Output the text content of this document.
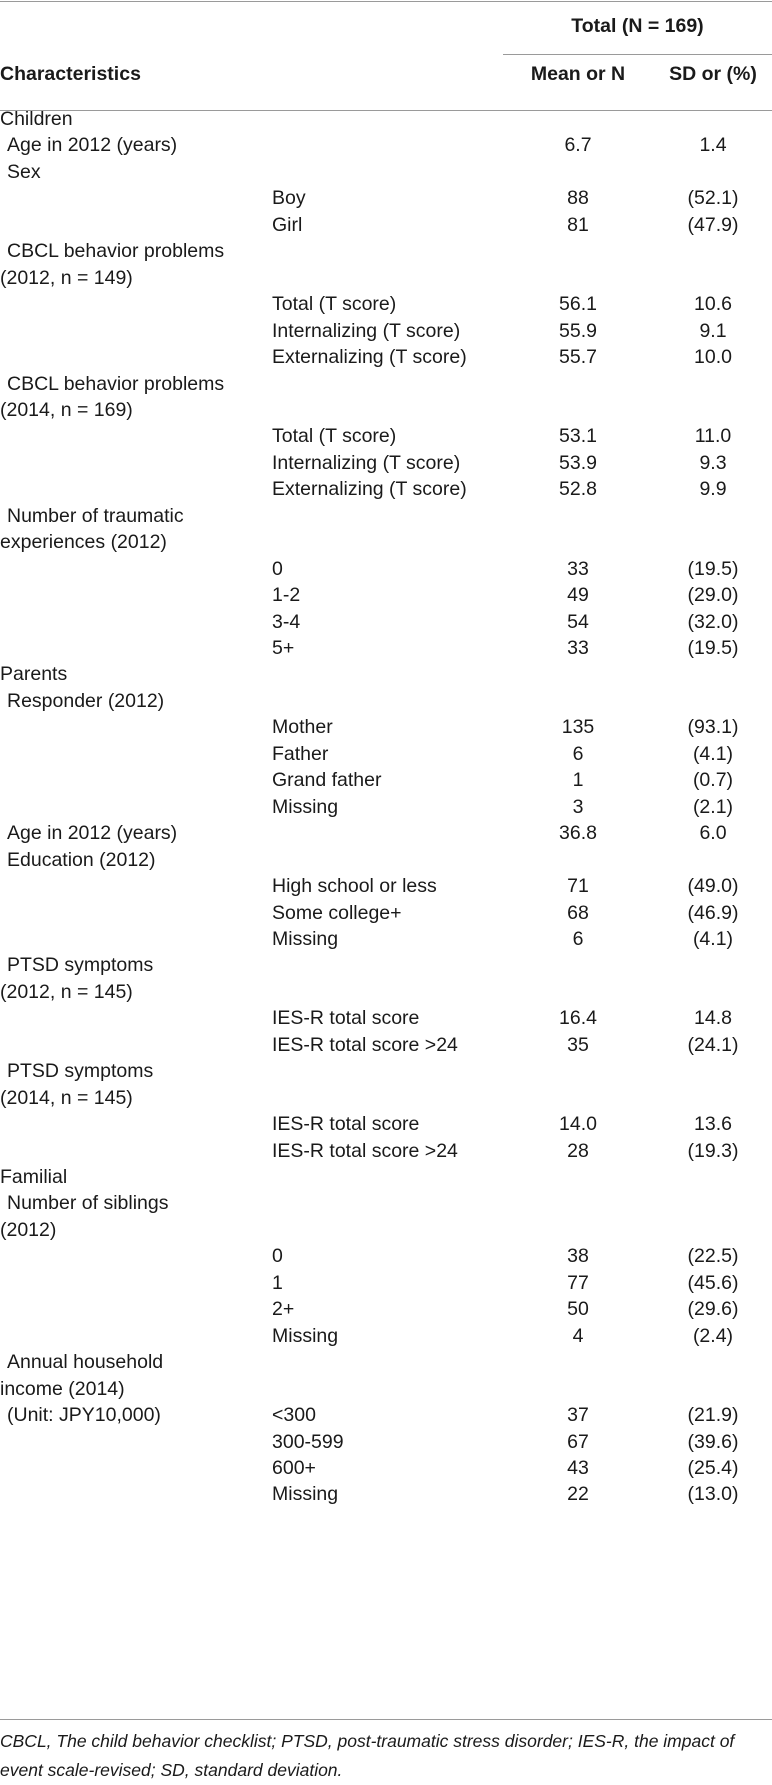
Total (N = 169)
Characteristics	Mean or N	SD or (%)
Children
Age in 2012 (years)	6.7	1.4
Sex
Boy	88	(52.1)
Girl	81	(47.9)
CBCL behavior problems
(2012, n = 149)
Total (T score)	56.1	10.6
Internalizing (T score)	55.9	9.1
Externalizing (T score)	55.7	10.0
CBCL behavior problems
(2014, n = 169)
Total (T score)	53.1	11.0
Internalizing (T score)	53.9	9.3
Externalizing (T score)	52.8	9.9
Number of traumatic
experiences (2012)
0	33	(19.5)
1-2	49	(29.0)
3-4	54	(32.0)
5+	33	(19.5)
Parents
Responder (2012)
Mother	135	(93.1)
Father	6	(4.1)
Grand father	1	(0.7)
Missing	3	(2.1)
Age in 2012 (years)	36.8	6.0
Education (2012)
High school or less	71	(49.0)
Some college+	68	(46.9)
Missing	6	(4.1)
PTSD symptoms
(2012, n = 145)
IES-R total score	16.4	14.8
IES-R total score >24	35	(24.1)
PTSD symptoms
(2014, n = 145)
IES-R total score	14.0	13.6
IES-R total score >24	28	(19.3)
Familial
Number of siblings
(2012)
0	38	(22.5)
1	77	(45.6)
2+	50	(29.6)
Missing	4	(2.4)
Annual household
income (2014)
(Unit: JPY10,000)	<300	37	(21.9)
300-599	67	(39.6)
600+	43	(25.4)
Missing	22	(13.0)
CBCL, The child behavior checklist; PTSD, post-traumatic stress disorder; IES-R, the impact of event scale-revised; SD, standard deviation.
